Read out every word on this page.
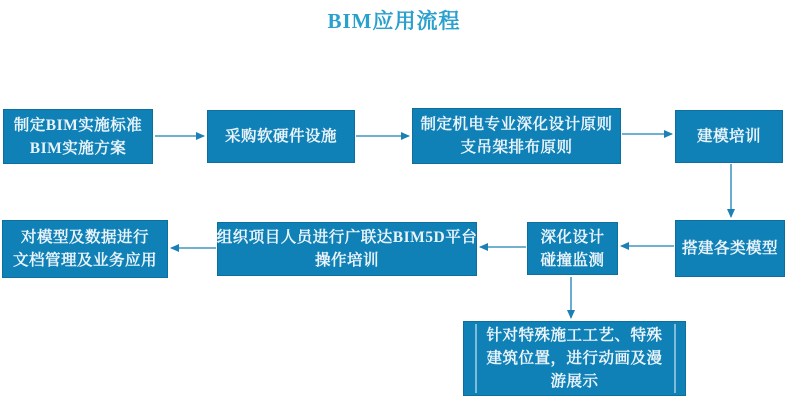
BIM应用流程
制定BIM实施标准
BIM实施方案
采购软硬件设施
制定机电专业深化设计原则
支吊架排布原则
建模培训
搭建各类模型
深化设计
碰撞监测
组织项目人员进行广联达BIM5D平台
操作培训
对模型及数据进行
文档管理及业务应用
针对特殊施工工艺、特殊
建筑位置，进行动画及漫
游展示
